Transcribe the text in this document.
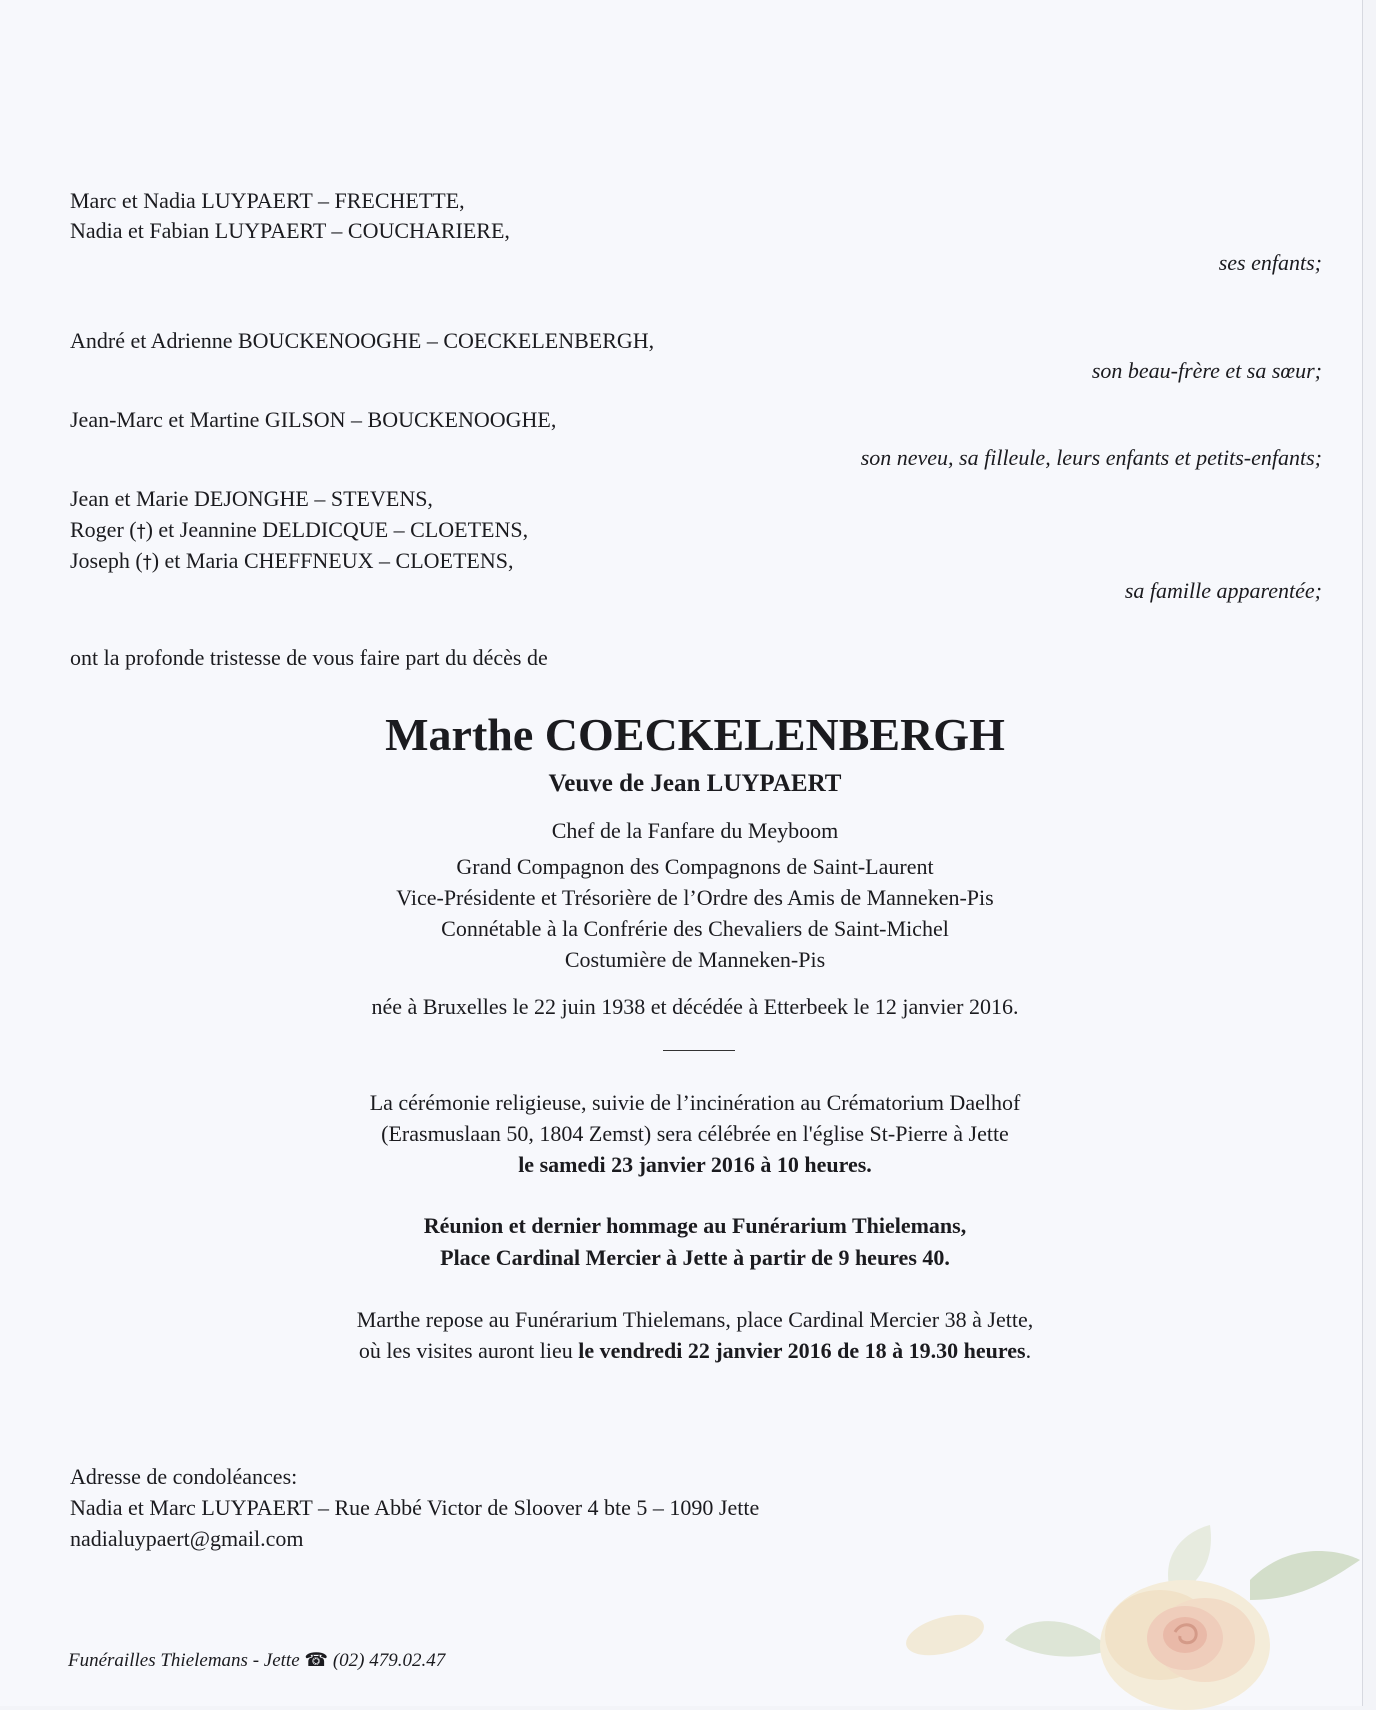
Marc et Nadia LUYPAERT – FRECHETTE,
Nadia et Fabian LUYPAERT – COUCHARIERE,
ses enfants;
André et Adrienne BOUCKENOOGHE – COECKELENBERGH,
son beau-frère et sa sœur;
Jean-Marc et Martine GILSON – BOUCKENOOGHE,
son neveu, sa filleule, leurs enfants et petits-enfants;
Jean et Marie DEJONGHE – STEVENS,
Roger (†) et Jeannine DELDICQUE – CLOETENS,
Joseph (†) et Maria CHEFFNEUX – CLOETENS,
sa famille apparentée;
ont la profonde tristesse de vous faire part du décès de
Marthe COECKELENBERGH
Veuve de Jean LUYPAERT
Chef de la Fanfare du Meyboom
Grand Compagnon des Compagnons de Saint-Laurent
Vice-Présidente et Trésorière de l’Ordre des Amis de Manneken-Pis
Connétable à la Confrérie des Chevaliers de Saint-Michel
Costumière de Manneken-Pis
née à Bruxelles le 22 juin 1938 et décédée à Etterbeek le 12 janvier 2016.
La cérémonie religieuse, suivie de l’incinération au Crématorium Daelhof
(Erasmuslaan 50, 1804 Zemst) sera célébrée en l'église St-Pierre à Jette
le samedi 23 janvier 2016 à 10 heures.
Réunion et dernier hommage au Funérarium Thielemans,
Place Cardinal Mercier à Jette à partir de 9 heures 40.
Marthe repose au Funérarium Thielemans, place Cardinal Mercier 38 à Jette,
où les visites auront lieu le vendredi 22 janvier 2016 de 18 à 19.30 heures.
Adresse de condoléances:
Nadia et Marc LUYPAERT – Rue Abbé Victor de Sloover 4 bte 5 – 1090 Jette
nadialuypaert@gmail.com
Funérailles Thielemans - Jette ☎ (02) 479.02.47
